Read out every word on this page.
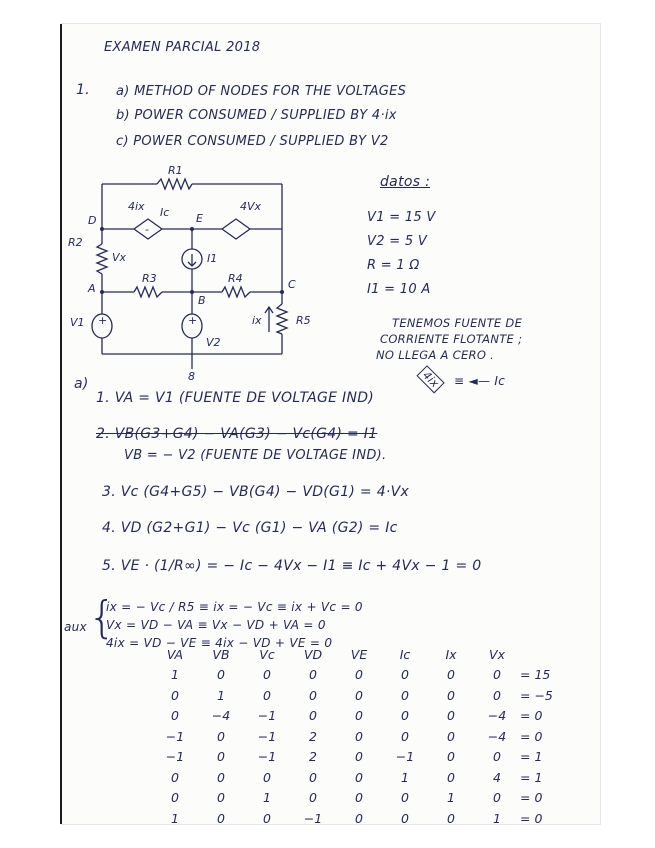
EXAMEN PARCIAL 2018
1. a) METHOD OF NODES FOR THE VOLTAGES
b) POWER CONSUMED / SUPPLIED BY 4·ix
c) POWER CONSUMED / SUPPLIED BY V2
R1
R2
R3	R4
R5
V1
V2
I1
ix
Vx
Ic
4ix	4Vx
A
B
C
D	E
+	+
-
8
datos :
V1 = 15 V
V2 = 5 V
R = 1 Ω
I1 = 10 A
TENEMOS FUENTE DE
CORRIENTE FLOTANTE ;
NO LLEGA A CERO .
4ix ≡ ◄— Ic
a)
1. VA = V1 (FUENTE DE VOLTAGE IND)
2. VB(G3+G4) − VA(G3) − Vc(G4) = I1
VB = − V2 (FUENTE DE VOLTAGE IND).
3. Vc (G4+G5) − VB(G4) − VD(G1) = 4·Vx
4. VD (G2+G1) − Vc (G1) − VA (G2) = Ic
5. VE · (1/R∞) = − Ic − 4Vx − I1 ≡ Ic + 4Vx − 1 = 0
aux {
ix = − Vc / R5 ≡ ix = − Vc ≡ ix + Vc = 0
Vx = VD − VA ≡ Vx − VD + VA = 0
4ix = VD − VE ≡ 4ix − VD + VE = 0
VA	VB	Vc	VD	VE	Ic	Ix	Vx	
1	0	0	0	0	0	0	0	= 15
0	1	0	0	0	0	0	0	= −5
0	−4	−1	0	0	0	0	−4	= 0
−1	0	−1	2	0	0	0	−4	= 0
−1	0	−1	2	0	−1	0	0	= 1
0	0	0	0	0	1	0	4	= 1
0	0	1	0	0	0	1	0	= 0
1	0	0	−1	0	0	0	1	= 0
